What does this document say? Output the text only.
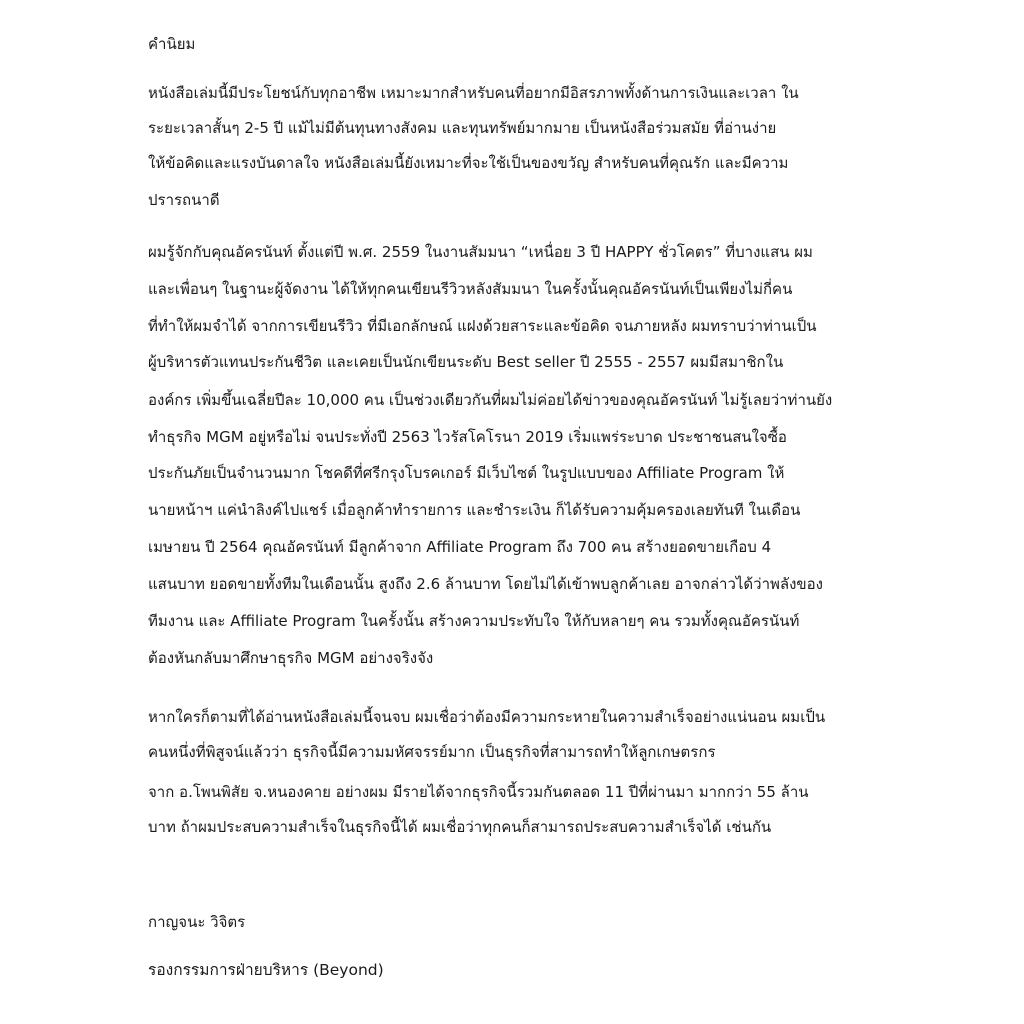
คำนิยม
หนังสือเล่มนี้มีประโยชน์กับทุกอาชีพ เหมาะมากสำหรับคนที่อยากมีอิสรภาพทั้งด้านการเงินและเวลา ใน
ระยะเวลาสั้นๆ 2-5 ปี แม้ไม่มีต้นทุนทางสังคม และทุนทรัพย์มากมาย เป็นหนังสือร่วมสมัย ที่อ่านง่าย
ให้ข้อคิดและแรงบันดาลใจ หนังสือเล่มนี้ยังเหมาะที่จะใช้เป็นของขวัญ สำหรับคนที่คุณรัก และมีความ
ปรารถนาดี
ผมรู้จักกับคุณอัครนันท์ ตั้งแต่ปี พ.ศ. 2559 ในงานสัมมนา “เหนื่อย 3 ปี HAPPY ชั่วโคตร” ที่บางแสน ผม
และเพื่อนๆ ในฐานะผู้จัดงาน ได้ให้ทุกคนเขียนรีวิวหลังสัมมนา ในครั้งนั้นคุณอัครนันท์เป็นเพียงไม่กี่คน
ที่ทำให้ผมจำได้ จากการเขียนรีวิว ที่มีเอกลักษณ์ แฝงด้วยสาระและข้อคิด จนภายหลัง ผมทราบว่าท่านเป็น
ผู้บริหารตัวแทนประกันชีวิต และเคยเป็นนักเขียนระดับ Best seller ปี 2555 - 2557 ผมมีสมาชิกใน
องค์กร เพิ่มขึ้นเฉลี่ยปีละ 10,000 คน เป็นช่วงเดียวกันที่ผมไม่ค่อยได้ข่าวของคุณอัครนันท์ ไม่รู้เลยว่าท่านยัง
ทำธุรกิจ MGM อยู่หรือไม่ จนประทั่งปี 2563 ไวรัสโคโรนา 2019 เริ่มแพร่ระบาด ประชาชนสนใจซื้อ
ประกันภัยเป็นจำนวนมาก โชคดีที่ศรีกรุงโบรคเกอร์ มีเว็บไซต์ ในรูปแบบของ Affiliate Program ให้
นายหน้าฯ แค่นำลิงค์ไปแชร์ เมื่อลูกค้าทำรายการ และชำระเงิน ก็ได้รับความคุ้มครองเลยทันที ในเดือน
เมษายน ปี 2564 คุณอัครนันท์ มีลูกค้าจาก Affiliate Program ถึง 700 คน สร้างยอดขายเกือบ 4
แสนบาท ยอดขายทั้งทีมในเดือนนั้น สูงถึง 2.6 ล้านบาท โดยไม่ได้เข้าพบลูกค้าเลย อาจกล่าวได้ว่าพลังของ
ทีมงาน และ Affiliate Program ในครั้งนั้น สร้างความประทับใจ ให้กับหลายๆ คน รวมทั้งคุณอัครนันท์
ต้องหันกลับมาศึกษาธุรกิจ MGM อย่างจริงจัง
หากใครก็ตามที่ได้อ่านหนังสือเล่มนี้จนจบ ผมเชื่อว่าต้องมีความกระหายในความสำเร็จอย่างแน่นอน ผมเป็น
คนหนึ่งที่พิสูจน์แล้วว่า ธุรกิจนี้มีความมหัศจรรย์มาก เป็นธุรกิจที่สามารถทำให้ลูกเกษตรกร
จาก อ.โพนพิสัย จ.หนองคาย อย่างผม มีรายได้จากธุรกิจนี้รวมกันตลอด 11 ปีที่ผ่านมา มากกว่า 55 ล้าน
บาท ถ้าผมประสบความสำเร็จในธุรกิจนี้ได้ ผมเชื่อว่าทุกคนก็สามารถประสบความสำเร็จได้ เช่นกัน
กาญจนะ วิจิตร
รองกรรมการฝ่ายบริหาร (Beyond)
